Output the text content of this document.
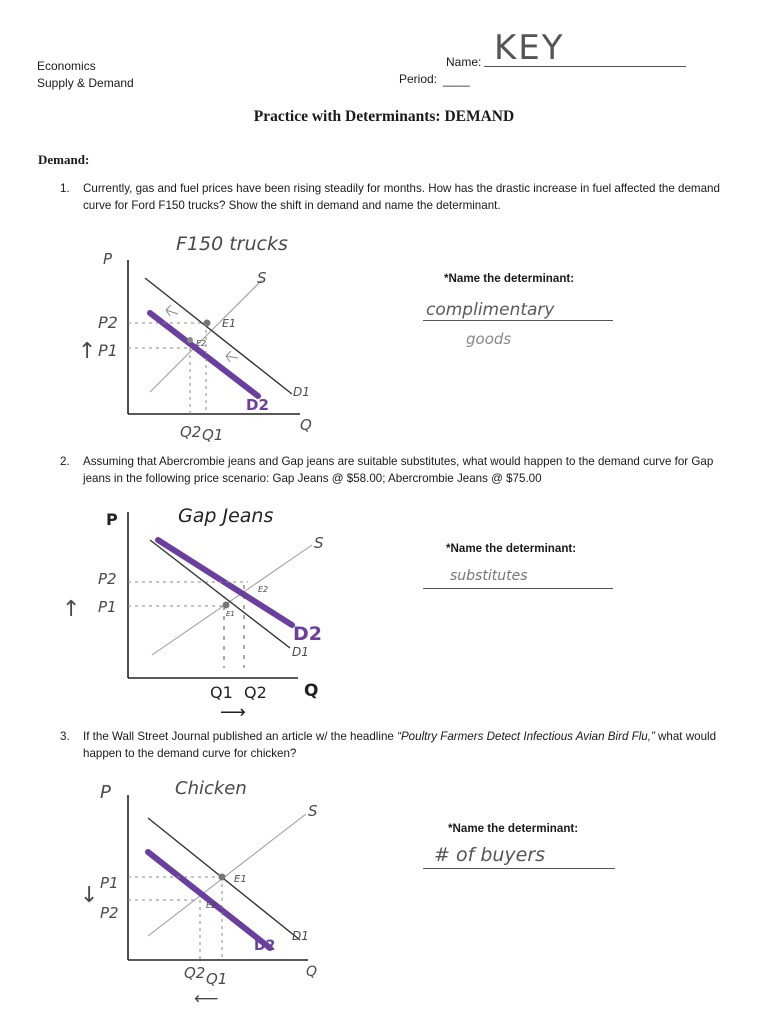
Economics
Supply & Demand
Name: KEY
Period: ____
Practice with Determinants: DEMAND
Demand:
1. Currently, gas and fuel prices have been rising steadily for months. How has the drastic increase in fuel affected the demand curve for Ford F150 trucks? Show the shift in demand and name the determinant.
*Name the determinant:
complimentary
goods
F150 trucks
P
Q
↑
P2
P1
Q2 Q1
S
E1
E2
D1
D2
2. Assuming that Abercrombie jeans and Gap jeans are suitable substitutes, what would happen to the demand curve for Gap jeans in the following price scenario: Gap Jeans @ $58.00; Abercrombie Jeans @ $75.00
*Name the determinant:
substitutes
Gap Jeans
P
Q
↑
P2
P1
Q1 Q2
⟶
S
E1
E2
D1
D2
3. If the Wall Street Journal published an article w/ the headline “Poultry Farmers Detect Infectious Avian Bird Flu,” what would happen to the demand curve for chicken?
*Name the determinant:
# of buyers
Chicken
P
Q
↓ P1
P2
Q2 Q1
⟵
S
E1
E2
D1
D2
